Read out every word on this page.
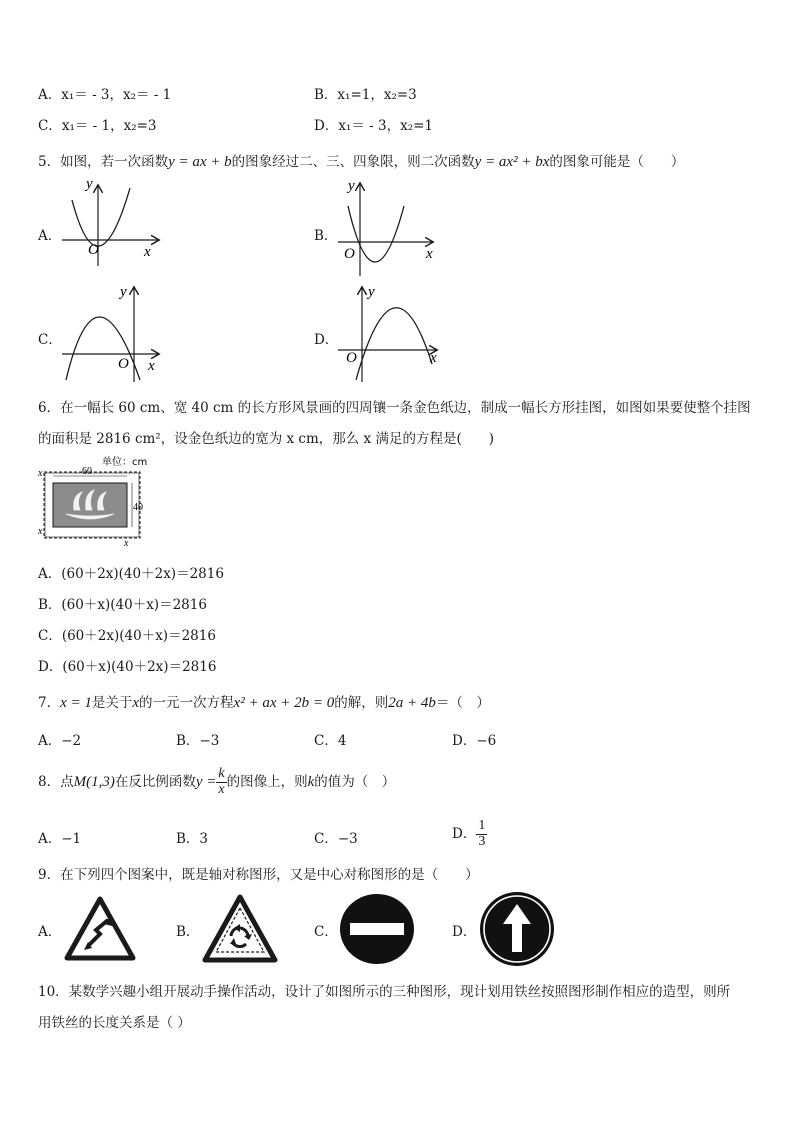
A．x₁＝ - 3，x₂＝ - 1	B．x₁=1，x₂=3
C．x₁＝ - 1，x₂=3	D．x₁＝ - 3，x₂=1
5．如图，若一次函数y = ax + b的图象经过二、三、四象限，则二次函数y = ax² + bx的图象可能是（　　）
A．	B．
C．	D．
y
x
O
y
x
O
y
x
O
y
x
O
6．在一幅长 60 cm、宽 40 cm 的长方形风景画的四周镶一条金色纸边，制成一幅长方形挂图，如图如果要使整个挂图
的面积是 2816 cm²，设金色纸边的宽为 x cm，那么 x 满足的方程是(　　)
单位：cm
60
40
x
x
x
A．(60＋2x)(40＋2x)＝2816
B．(60＋x)(40＋x)＝2816
C．(60＋2x)(40＋x)＝2816
D．(60＋x)(40＋2x)＝2816
7．x = 1是关于x的一元一次方程x² + ax + 2b = 0的解，则2a + 4b＝（　）
A．−2	B．−3	C．4	D．−6
8．点M(1,3)在反比例函数$y = \frac{k}{x}$ 的图像上，则k的值为（　）
A．−1	B．3	C．−3	D． $\frac{1}{3}$
9．在下列四个图案中，既是轴对称图形，又是中心对称图形的是（　　）
A．	B．	C．	D．
10．某数学兴趣小组开展动手操作活动，设计了如图所示的三种图形，现计划用铁丝按照图形制作相应的造型，则所
用铁丝的长度关系是（ ）
